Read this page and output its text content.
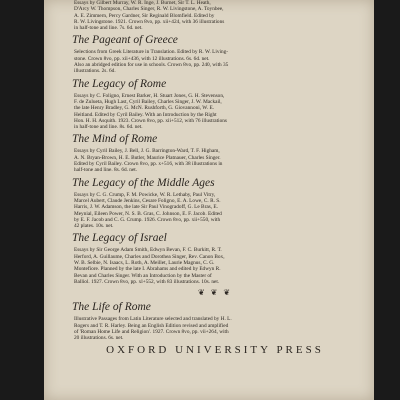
Essays by Gilbert Murray, W. R. Inge, J. Burnet, Sir T. L. Heath,
D'Arcy W. Thompson, Charles Singer, R. W. Livingstone, A. Toynbee,
A. E. Zimmern, Percy Gardner, Sir Reginald Blomfield. Edited by
R. W. Livingstone. 1921. Crown 8vo, pp. xii+424, with 36 illustrations
in half-tone and line. 7s. 6d. net.
The Pageant of Greece
Selections from Greek Literature in Translation. Edited by R. W. Living-
stone. Crown 8vo, pp. xii+436, with 12 illustrations. 6s. 6d. net.
Also an abridged edition for use in schools. Crown 8vo, pp. 240, with 35
illustrations. 2s. 6d.
The Legacy of Rome
Essays by C. Foligno, Ernest Barker, H. Stuart Jones, G. H. Stevenson,
F. de Zulueta, Hugh Last, Cyril Bailey, Charles Singer, J. W. Mackail,
the late Henry Bradley, G. McN. Rushforth, G. Giovannoni, W. E.
Heitland. Edited by Cyril Bailey. With an Introduction by the Right
Hon. H. H. Asquith. 1923. Crown 8vo, pp. xii+512, with 76 illustrations
in half-tone and line. 8s. 6d. net.
The Mind of Rome
Essays by Cyril Bailey, J. Bell, J. G. Barrington-Ward, T. F. Higham,
A. N. Bryan-Brown, H. E. Butler, Maurice Platnauer, Charles Singer.
Edited by Cyril Bailey. Crown 8vo, pp. x+516, with 38 illustrations in
half-tone and line. 8s. 6d. net.
The Legacy of the Middle Ages
Essays by C. G. Crump, F. M. Powicke, W. R. Lethaby, Paul Vitry,
Marcel Aubert, Claude Jenkins, Cesare Foligno, E. A. Lowe, C. R. S.
Harris, J. W. Adamson, the late Sir Paul Vinogradoff, G. Le Bras, E.
Meynial, Eileen Power, N. S. B. Gras, C. Johnson, E. F. Jacob. Edited
by E. F. Jacob and C. G. Crump. 1926. Crown 8vo, pp. xii+550, with
42 plates. 10s. net.
The Legacy of Israel
Essays by Sir George Adam Smith, Edwyn Bevan, F. C. Burkitt, R. T.
Herford, A. Guillaume, Charles and Dorothea Singer, Rev. Canon Box,
W. B. Selbie, N. Isaacs, L. Roth, A. Meillet, Laurie Magnus, C. G.
Montefiore. Planned by the late I. Abrahams and edited by Edwyn R.
Bevan and Charles Singer. With an Introduction by the Master of
Balliol. 1927. Crown 8vo, pp. xl+552, with 83 illustrations. 10s. net.
❦ ❦ ❦
The Life of Rome
Illustrative Passages from Latin Literature selected and translated by H. L.
Rogers and T. R. Harley. Being an English Edition revised and amplified
of 'Roman Home Life and Religion'. 1927. Crown 8vo, pp. vii+264, with
20 illustrations. 6s. net.
OXFORD UNIVERSITY PRESS
